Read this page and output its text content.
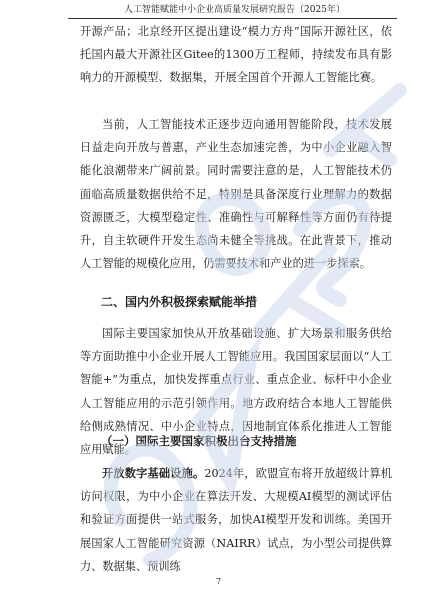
人工智能赋能中小企业高质量发展研究报告（2025年）

开源产品；北京经开区提出建设“模力方舟”国际开源社区，依托国内最大开源社区Gitee的1300万工程师，持续发布具有影响力的开源模型、数据集，开展全国首个开源人工智能比赛。

当前，人工智能技术正逐步迈向通用智能阶段，技术发展日益走向开放与普惠，产业生态加速完善，为中小企业融入智能化浪潮带来广阔前景。同时需要注意的是，人工智能技术仍面临高质量数据供给不足，特别是具备深度行业理解力的数据资源匮乏，大模型稳定性、准确性与可解释性等方面仍有待提升，自主软硬件开发生态尚未健全等挑战。在此背景下，推动人工智能的规模化应用，仍需要技术和产业的进一步探索。

二、国内外积极探索赋能举措

国际主要国家加快从开放基础设施、扩大场景和服务供给等方面助推中小企业开展人工智能应用。我国国家层面以“人工智能+”为重点，加快发挥重点行业、重点企业、标杆中小企业人工智能应用的示范引领作用。地方政府结合本地人工智能供给侧成熟情况、中小企业特点，因地制宜体系化推进人工智能应用赋能。

（一）国际主要国家积极出台支持措施

开放数字基础设施。2024年，欧盟宣布将开放超级计算机访问权限，为中小企业在算法开发、大规模AI模型的测试评估和验证方面提供一站式服务，加快AI模型开发和训练。美国开展国家人工智能研究资源（NAIRR）试点，为小型公司提供算力、数据集、预训练

7
